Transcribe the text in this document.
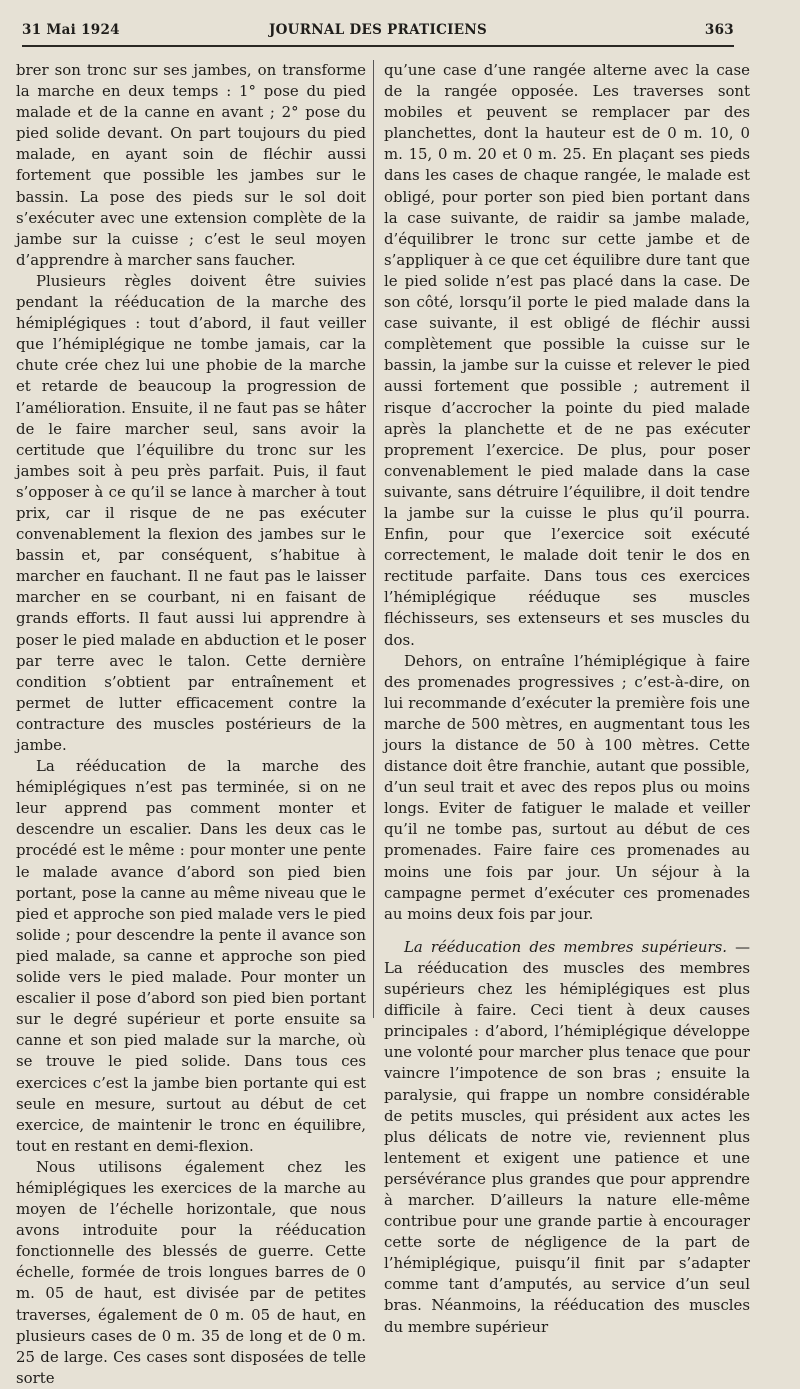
31 Mai 1924	JOURNAL DES PRATICIENS	363

brer son tronc sur ses jambes, on transforme la marche en deux temps : 1° pose du pied malade et de la canne en avant ; 2° pose du pied solide devant. On part toujours du pied malade, en ayant soin de fléchir aussi fortement que possible les jambes sur le bassin. La pose des pieds sur le sol doit s’exécuter avec une extension complète de la jambe sur la cuisse ; c’est le seul moyen d’apprendre à marcher sans faucher.

Plusieurs règles doivent être suivies pendant la rééducation de la marche des hémiplégiques : tout d’abord, il faut veiller que l’hémiplégique ne tombe jamais, car la chute crée chez lui une phobie de la marche et retarde de beaucoup la progression de l’amélioration. Ensuite, il ne faut pas se hâter de le faire marcher seul, sans avoir la certitude que l’équilibre du tronc sur les jambes soit à peu près parfait. Puis, il faut s’opposer à ce qu’il se lance à marcher à tout prix, car il risque de ne pas exécuter convenablement la flexion des jambes sur le bassin et, par conséquent, s’habitue à marcher en fauchant. Il ne faut pas le laisser marcher en se courbant, ni en faisant de grands efforts. Il faut aussi lui apprendre à poser le pied malade en abduction et le poser par terre avec le talon. Cette dernière condition s’obtient par entraînement et permet de lutter efficacement contre la contracture des muscles postérieurs de la jambe.

La rééducation de la marche des hémiplégiques n’est pas terminée, si on ne leur apprend pas comment monter et descendre un escalier. Dans les deux cas le procédé est le même : pour monter une pente le malade avance d’abord son pied bien portant, pose la canne au même niveau que le pied et approche son pied malade vers le pied solide ; pour descendre la pente il avance son pied malade, sa canne et approche son pied solide vers le pied malade. Pour monter un escalier il pose d’abord son pied bien portant sur le degré supérieur et porte ensuite sa canne et son pied malade sur la marche, où se trouve le pied solide. Dans tous ces exercices c’est la jambe bien portante qui est seule en mesure, surtout au début de cet exercice, de maintenir le tronc en équilibre, tout en restant en demi-flexion.

Nous utilisons également chez les hémiplégiques les exercices de la marche au moyen de l’échelle horizontale, que nous avons introduite pour la rééducation fonctionnelle des blessés de guerre. Cette échelle, formée de trois longues barres de 0 m. 05 de haut, est divisée par de petites traverses, également de 0 m. 05 de haut, en plusieurs cases de 0 m. 35 de long et de 0 m. 25 de large. Ces cases sont disposées de telle sorte

qu’une case d’une rangée alterne avec la case de la rangée opposée. Les traverses sont mobiles et peuvent se remplacer par des planchettes, dont la hauteur est de 0 m. 10, 0 m. 15, 0 m. 20 et 0 m. 25. En plaçant ses pieds dans les cases de chaque rangée, le malade est obligé, pour porter son pied bien portant dans la case suivante, de raidir sa jambe malade, d’équilibrer le tronc sur cette jambe et de s’appliquer à ce que cet équilibre dure tant que le pied solide n’est pas placé dans la case. De son côté, lorsqu’il porte le pied malade dans la case suivante, il est obligé de fléchir aussi complètement que possible la cuisse sur le bassin, la jambe sur la cuisse et relever le pied aussi fortement que possible ; autrement il risque d’accrocher la pointe du pied malade après la planchette et de ne pas exécuter proprement l’exercice. De plus, pour poser convenablement le pied malade dans la case suivante, sans détruire l’équilibre, il doit tendre la jambe sur la cuisse le plus qu’il pourra. Enfin, pour que l’exercice soit exécuté correctement, le malade doit tenir le dos en rectitude parfaite. Dans tous ces exercices l’hémiplégique rééduque ses muscles fléchisseurs, ses extenseurs et ses muscles du dos.

Dehors, on entraîne l’hémiplégique à faire des promenades progressives ; c’est-à-dire, on lui recommande d’exécuter la première fois une marche de 500 mètres, en augmentant tous les jours la distance de 50 à 100 mètres. Cette distance doit être franchie, autant que possible, d’un seul trait et avec des repos plus ou moins longs. Eviter de fatiguer le malade et veiller qu’il ne tombe pas, surtout au début de ces promenades. Faire faire ces promenades au moins une fois par jour. Un séjour à la campagne permet d’exécuter ces promenades au moins deux fois par jour.

La rééducation des membres supérieurs. — La rééducation des muscles des membres supérieurs chez les hémiplégiques est plus difficile à faire. Ceci tient à deux causes principales : d’abord, l’hémiplégique développe une volonté pour marcher plus tenace que pour vaincre l’impotence de son bras ; ensuite la paralysie, qui frappe un nombre considérable de petits muscles, qui président aux actes les plus délicats de notre vie, reviennent plus lentement et exigent une patience et une persévérance plus grandes que pour apprendre à marcher. D’ailleurs la nature elle-même contribue pour une grande partie à encourager cette sorte de négligence de la part de l’hémiplégique, puisqu’il finit par s’adapter comme tant d’amputés, au service d’un seul bras. Néanmoins, la rééducation des muscles du membre supérieur
